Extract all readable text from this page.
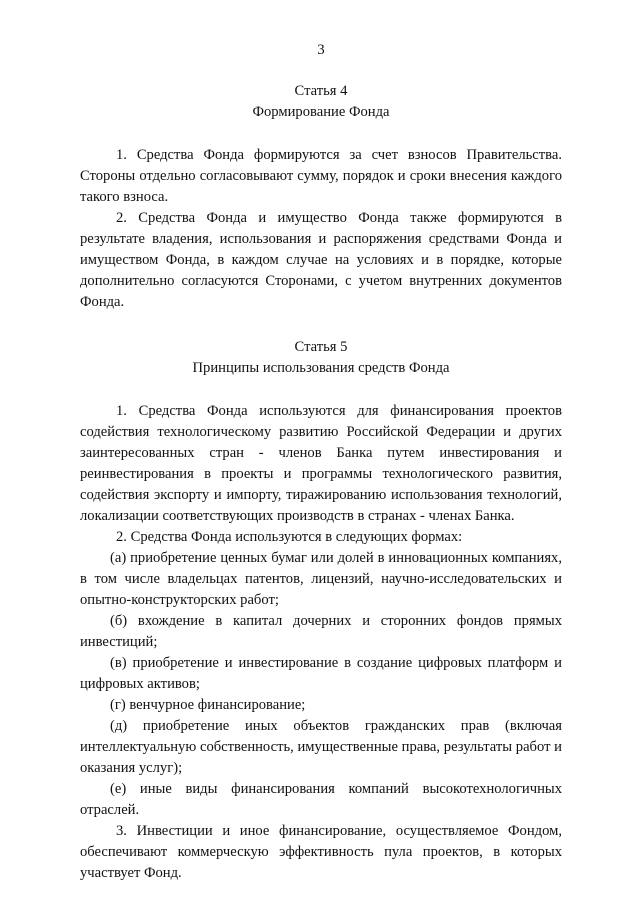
3

Статья 4

Формирование Фонда

1. Средства Фонда формируются за счет взносов Правительства. Стороны отдельно согласовывают сумму, порядок и сроки внесения каждого такого взноса.

2. Средства Фонда и имущество Фонда также формируются в результате владения, использования и распоряжения средствами Фонда и имуществом Фонда, в каждом случае на условиях и в порядке, которые дополнительно согласуются Сторонами, с учетом внутренних документов Фонда.

Статья 5

Принципы использования средств Фонда

1. Средства Фонда используются для финансирования проектов содействия технологическому развитию Российской Федерации и других заинтересованных стран - членов Банка путем инвестирования и реинвестирования в проекты и программы технологического развития, содействия экспорту и импорту, тиражированию использования технологий, локализации соответствующих производств в странах - членах Банка.

2. Средства Фонда используются в следующих формах:

(а) приобретение ценных бумаг или долей в инновационных компаниях, в том числе владельцах патентов, лицензий, научно-исследовательских и опытно-конструкторских работ;

(б) вхождение в капитал дочерних и сторонних фондов прямых инвестиций;

(в) приобретение и инвестирование в создание цифровых платформ и цифровых активов;

(г) венчурное финансирование;

(д) приобретение иных объектов гражданских прав (включая интеллектуальную собственность, имущественные права, результаты работ и оказания услуг);

(е) иные виды финансирования компаний высокотехнологичных отраслей.

3. Инвестиции и иное финансирование, осуществляемое Фондом, обеспечивают коммерческую эффективность пула проектов, в которых участвует Фонд.
